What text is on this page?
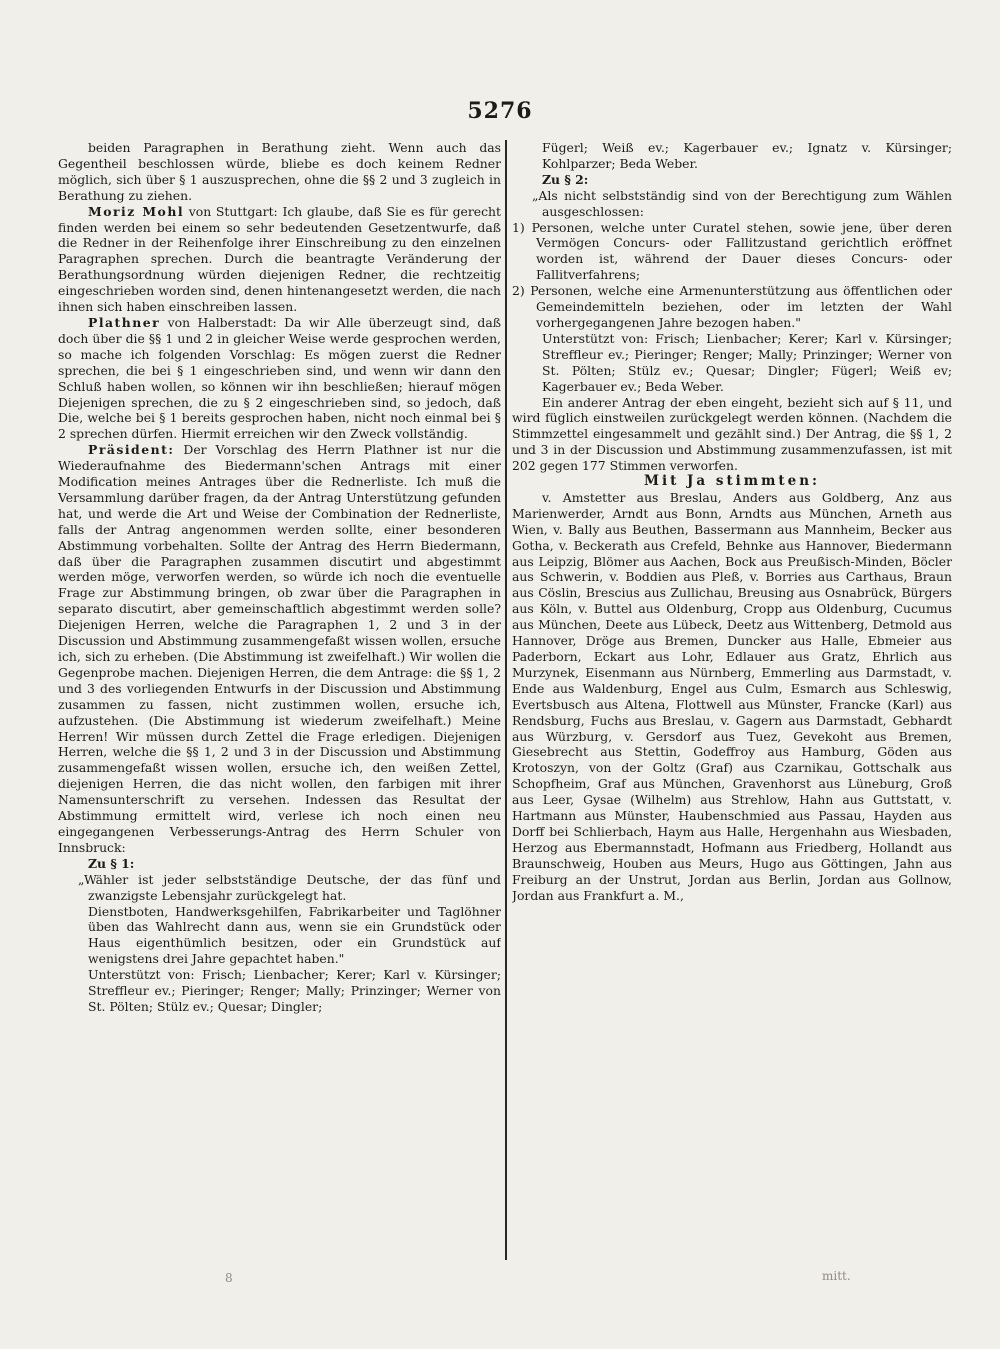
5276

beiden Paragraphen in Berathung zieht. Wenn auch das Gegentheil beschlossen würde, bliebe es doch keinem Redner möglich, sich über § 1 auszusprechen, ohne die §§ 2 und 3 zugleich in Berathung zu ziehen.

Moriz Mohl von Stuttgart: Ich glaube, daß Sie es für gerecht finden werden bei einem so sehr bedeutenden Gesetzentwurfe, daß die Redner in der Reihenfolge ihrer Einschreibung zu den einzelnen Paragraphen sprechen. Durch die beantragte Veränderung der Berathungsordnung würden diejenigen Redner, die rechtzeitig eingeschrieben worden sind, denen hintenangesetzt werden, die nach ihnen sich haben einschreiben lassen.

Plathner von Halberstadt: Da wir Alle überzeugt sind, daß doch über die §§ 1 und 2 in gleicher Weise werde gesprochen werden, so mache ich folgenden Vorschlag: Es mögen zuerst die Redner sprechen, die bei § 1 eingeschrieben sind, und wenn wir dann den Schluß haben wollen, so können wir ihn beschließen; hierauf mögen Diejenigen sprechen, die zu § 2 eingeschrieben sind, so jedoch, daß Die, welche bei § 1 bereits gesprochen haben, nicht noch einmal bei § 2 sprechen dürfen. Hiermit erreichen wir den Zweck vollständig.

Präsident: Der Vorschlag des Herrn Plathner ist nur die Wiederaufnahme des Biedermann'schen Antrags mit einer Modification meines Antrages über die Rednerliste. Ich muß die Versammlung darüber fragen, da der Antrag Unterstützung gefunden hat, und werde die Art und Weise der Combination der Rednerliste, falls der Antrag angenommen werden sollte, einer besonderen Abstimmung vorbehalten. Sollte der Antrag des Herrn Biedermann, daß über die Paragraphen zusammen discutirt und abgestimmt werden möge, verworfen werden, so würde ich noch die eventuelle Frage zur Abstimmung bringen, ob zwar über die Paragraphen in separato discutirt, aber gemeinschaftlich abgestimmt werden solle? Diejenigen Herren, welche die Paragraphen 1, 2 und 3 in der Discussion und Abstimmung zusammengefaßt wissen wollen, ersuche ich, sich zu erheben. (Die Abstimmung ist zweifelhaft.) Wir wollen die Gegenprobe machen. Diejenigen Herren, die dem Antrage: die §§ 1, 2 und 3 des vorliegenden Entwurfs in der Discussion und Abstimmung zusammen zu fassen, nicht zustimmen wollen, ersuche ich, aufzustehen. (Die Abstimmung ist wiederum zweifelhaft.) Meine Herren! Wir müssen durch Zettel die Frage erledigen. Diejenigen Herren, welche die §§ 1, 2 und 3 in der Discussion und Abstimmung zusammengefaßt wissen wollen, ersuche ich, den weißen Zettel, diejenigen Herren, die das nicht wollen, den farbigen mit ihrer Namensunterschrift zu versehen. Indessen das Resultat der Abstimmung ermittelt wird, verlese ich noch einen neu eingegangenen Verbesserungs-Antrag des Herrn Schuler von Innsbruck:

Zu § 1:

„Wähler ist jeder selbstständige Deutsche, der das fünf und zwanzigste Lebensjahr zurückgelegt hat.

Dienstboten, Handwerksgehilfen, Fabrikarbeiter und Taglöhner üben das Wahlrecht dann aus, wenn sie ein Grundstück oder Haus eigenthümlich besitzen, oder ein Grundstück auf wenigstens drei Jahre gepachtet haben."

Unterstützt von: Frisch; Lienbacher; Kerer; Karl v. Kürsinger; Streffleur ev.; Pieringer; Renger; Mally; Prinzinger; Werner von St. Pölten; Stülz ev.; Quesar; Dingler;

Fügerl; Weiß ev.; Kagerbauer ev.; Ignatz v. Kürsinger; Kohlparzer; Beda Weber.

Zu § 2:

„Als nicht selbstständig sind von der Berechtigung zum Wählen ausgeschlossen:

1) Personen, welche unter Curatel stehen, sowie jene, über deren Vermögen Concurs- oder Fallitzustand gerichtlich eröffnet worden ist, während der Dauer dieses Concurs- oder Fallitverfahrens;

2) Personen, welche eine Armenunterstützung aus öffentlichen oder Gemeindemitteln beziehen, oder im letzten der Wahl vorhergegangenen Jahre bezogen haben."

Unterstützt von: Frisch; Lienbacher; Kerer; Karl v. Kürsinger; Streffleur ev.; Pieringer; Renger; Mally; Prinzinger; Werner von St. Pölten; Stülz ev.; Quesar; Dingler; Fügerl; Weiß ev; Kagerbauer ev.; Beda Weber.

Ein anderer Antrag der eben eingeht, bezieht sich auf § 11, und wird füglich einstweilen zurückgelegt werden können. (Nachdem die Stimmzettel eingesammelt und gezählt sind.) Der Antrag, die §§ 1, 2 und 3 in der Discussion und Abstimmung zusammenzufassen, ist mit 202 gegen 177 Stimmen verworfen.

Mit Ja stimmten:

v. Amstetter aus Breslau, Anders aus Goldberg, Anz aus Marienwerder, Arndt aus Bonn, Arndts aus München, Arneth aus Wien, v. Bally aus Beuthen, Bassermann aus Mannheim, Becker aus Gotha, v. Beckerath aus Crefeld, Behnke aus Hannover, Biedermann aus Leipzig, Blömer aus Aachen, Bock aus Preußisch-Minden, Böcler aus Schwerin, v. Boddien aus Pleß, v. Borries aus Carthaus, Braun aus Cöslin, Brescius aus Zullichau, Breusing aus Osnabrück, Bürgers aus Köln, v. Buttel aus Oldenburg, Cropp aus Oldenburg, Cucumus aus München, Deete aus Lübeck, Deetz aus Wittenberg, Detmold aus Hannover, Dröge aus Bremen, Duncker aus Halle, Ebmeier aus Paderborn, Eckart aus Lohr, Edlauer aus Gratz, Ehrlich aus Murzynek, Eisenmann aus Nürnberg, Emmerling aus Darmstadt, v. Ende aus Waldenburg, Engel aus Culm, Esmarch aus Schleswig, Evertsbusch aus Altena, Flottwell aus Münster, Francke (Karl) aus Rendsburg, Fuchs aus Breslau, v. Gagern aus Darmstadt, Gebhardt aus Würzburg, v. Gersdorf aus Tuez, Gevekoht aus Bremen, Giesebrecht aus Stettin, Godeffroy aus Hamburg, Göden aus Krotoszyn, von der Goltz (Graf) aus Czarnikau, Gottschalk aus Schopfheim, Graf aus München, Gravenhorst aus Lüneburg, Groß aus Leer, Gysae (Wilhelm) aus Strehlow, Hahn aus Guttstatt, v. Hartmann aus Münster, Haubenschmied aus Passau, Hayden aus Dorff bei Schlierbach, Haym aus Halle, Hergenhahn aus Wiesbaden, Herzog aus Ebermannstadt, Hofmann aus Friedberg, Hollandt aus Braunschweig, Houben aus Meurs, Hugo aus Göttingen, Jahn aus Freiburg an der Unstrut, Jordan aus Berlin, Jordan aus Gollnow, Jordan aus Frankfurt a. M.,

8	mitt.
